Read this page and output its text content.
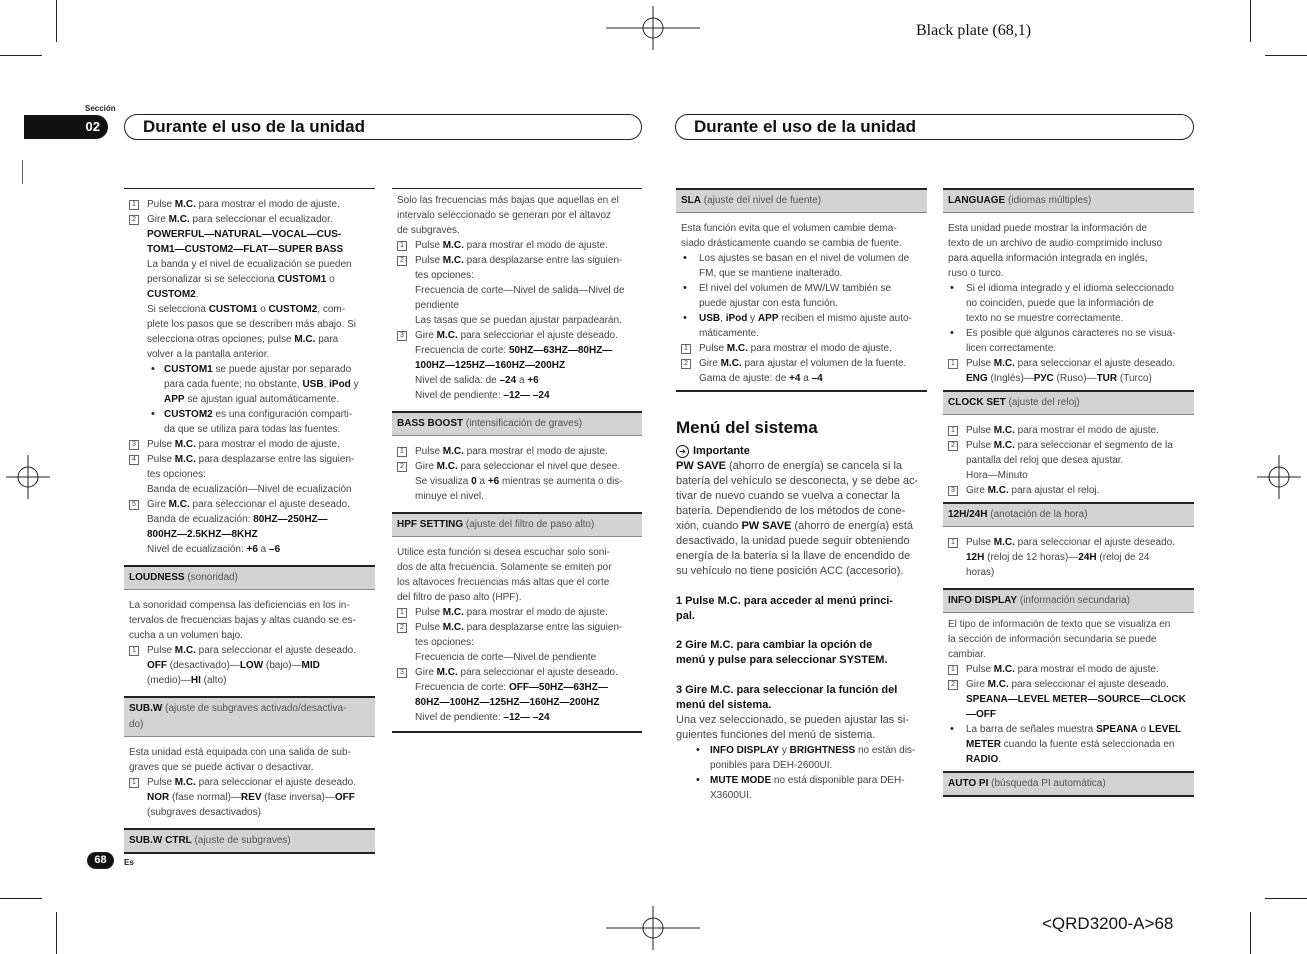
Black plate (68,1)
Sección
02	Durante el uso de la unidad	Durante el uso de la unidad
1	Pulse M.C. para mostrar el modo de ajuste.
2	Gire M.C. para seleccionar el ecualizador.
POWERFUL—NATURAL—VOCAL—CUS-
TOM1—CUSTOM2—FLAT—SUPER BASS
La banda y el nivel de ecualización se pueden
personalizar si se selecciona CUSTOM1 o
CUSTOM2.
Si selecciona CUSTOM1 o CUSTOM2, com-
plete los pasos que se describen más abajo. Si
selecciona otras opciones, pulse M.C. para
volver a la pantalla anterior.
• CUSTOM1 se puede ajustar por separado
para cada fuente; no obstante, USB, iPod y
APP se ajustan igual automáticamente.
• CUSTOM2 es una configuración comparti-
da que se utiliza para todas las fuentes.
3	Pulse M.C. para mostrar el modo de ajuste.
4	Pulse M.C. para desplazarse entre las siguien-
tes opciones:
Banda de ecualización—Nivel de ecualización
5	Gire M.C. para seleccionar el ajuste deseado.
Banda de ecualización: 80HZ—250HZ—
800HZ—2.5KHZ—8KHZ
Nivel de ecualización: +6 a –6
LOUDNESS (sonoridad)
La sonoridad compensa las deficiencias en los in-
tervalos de frecuencias bajas y altas cuando se es-
cucha a un volumen bajo.
1	Pulse M.C. para seleccionar el ajuste deseado.
OFF (desactivado)—LOW (bajo)—MID
(medio)—HI (alto)
SUB.W (ajuste de subgraves activado/desactiva-
do)
Esta unidad está equipada con una salida de sub-
graves que se puede activar o desactivar.
1	Pulse M.C. para seleccionar el ajuste deseado.
NOR (fase normal)—REV (fase inversa)—OFF
(subgraves desactivados)
SUB.W CTRL (ajuste de subgraves)
Solo las frecuencias más bajas que aquellas en el
intervalo seleccionado se generan por el altavoz
de subgraves.
1	Pulse M.C. para mostrar el modo de ajuste.
2	Pulse M.C. para desplazarse entre las siguien-
tes opciones:
Frecuencia de corte—Nivel de salida—Nivel de
pendiente
Las tasas que se puedan ajustar parpadearán.
3	Gire M.C. para seleccionar el ajuste deseado.
Frecuencia de corte: 50HZ—63HZ—80HZ—
100HZ—125HZ—160HZ—200HZ
Nivel de salida: de –24 a +6
Nivel de pendiente: –12— –24
BASS BOOST (intensificación de graves)
1	Pulse M.C. para mostrar el modo de ajuste.
2	Gire M.C. para seleccionar el nivel que desee.
Se visualiza 0 a +6 mientras se aumenta o dis-
minuye el nivel.
HPF SETTING (ajuste del filtro de paso alto)
Utilice esta función si desea escuchar solo soni-
dos de alta frecuencia. Solamente se emiten por
los altavoces frecuencias más altas que el corte
del filtro de paso alto (HPF).
1	Pulse M.C. para mostrar el modo de ajuste.
2	Pulse M.C. para desplazarse entre las siguien-
tes opciones:
Frecuencia de corte—Nivel de pendiente
3	Gire M.C. para seleccionar el ajuste deseado.
Frecuencia de corte: OFF—50HZ—63HZ—
80HZ—100HZ—125HZ—160HZ—200HZ
Nivel de pendiente: –12— –24
SLA (ajuste del nivel de fuente)
Esta función evita que el volumen cambie dema-
siado drásticamente cuando se cambia de fuente.
• Los ajustes se basan en el nivel de volumen de
FM, que se mantiene inalterado.
• El nivel del volumen de MW/LW también se
puede ajustar con esta función.
• USB, iPod y APP reciben el mismo ajuste auto-
máticamente.
1	Pulse M.C. para mostrar el modo de ajuste.
2	Gire M.C. para ajustar el volumen de la fuente.
Gama de ajuste: de +4 a –4
Menú del sistema
➔ Importante
PW SAVE (ahorro de energía) se cancela si la
batería del vehículo se desconecta, y se debe ac-
tivar de nuevo cuando se vuelva a conectar la
batería. Dependiendo de los métodos de cone-
xión, cuando PW SAVE (ahorro de energía) está
desactivado, la unidad puede seguir obteniendo
energía de la batería si la llave de encendido de
su vehículo no tiene posición ACC (accesorio).
1 Pulse M.C. para acceder al menú princi-
pal.
2 Gire M.C. para cambiar la opción de
menú y pulse para seleccionar SYSTEM.
3 Gire M.C. para seleccionar la función del
menú del sistema.
Una vez seleccionado, se pueden ajustar las si-
guientes funciones del menú de sistema.
• INFO DISPLAY y BRIGHTNESS no están dis-
ponibles para DEH-2600UI.
• MUTE MODE no está disponible para DEH-
X3600UI.
LANGUAGE (idiomas múltiples)
Esta unidad puede mostrar la información de
texto de un archivo de audio comprimido incluso
para aquella información integrada en inglés,
ruso o turco.
• Si el idioma integrado y el idioma seleccionado
no coinciden, puede que la información de
texto no se muestre correctamente.
• Es posible que algunos caracteres no se visua-
licen correctamente.
1	Pulse M.C. para seleccionar el ajuste deseado.
ENG (Inglés)—РУС (Ruso)—TUR (Turco)
CLOCK SET (ajuste del reloj)
1	Pulse M.C. para mostrar el modo de ajuste.
2	Pulse M.C. para seleccionar el segmento de la
pantalla del reloj que desea ajustar.
Hora—Minuto
3	Gire M.C. para ajustar el reloj.
12H/24H (anotación de la hora)
1	Pulse M.C. para seleccionar el ajuste deseado.
12H (reloj de 12 horas)—24H (reloj de 24
horas)
INFO DISPLAY (información secundaria)
El tipo de información de texto que se visualiza en
la sección de información secundaria se puede
cambiar.
1	Pulse M.C. para mostrar el modo de ajuste.
2	Gire M.C. para seleccionar el ajuste deseado.
SPEANA—LEVEL METER—SOURCE—CLOCK
—OFF
• La barra de señales muestra SPEANA o LEVEL
METER cuando la fuente está seleccionada en
RADIO.
AUTO PI (búsqueda PI automática)
68	Es
<QRD3200-A>68
